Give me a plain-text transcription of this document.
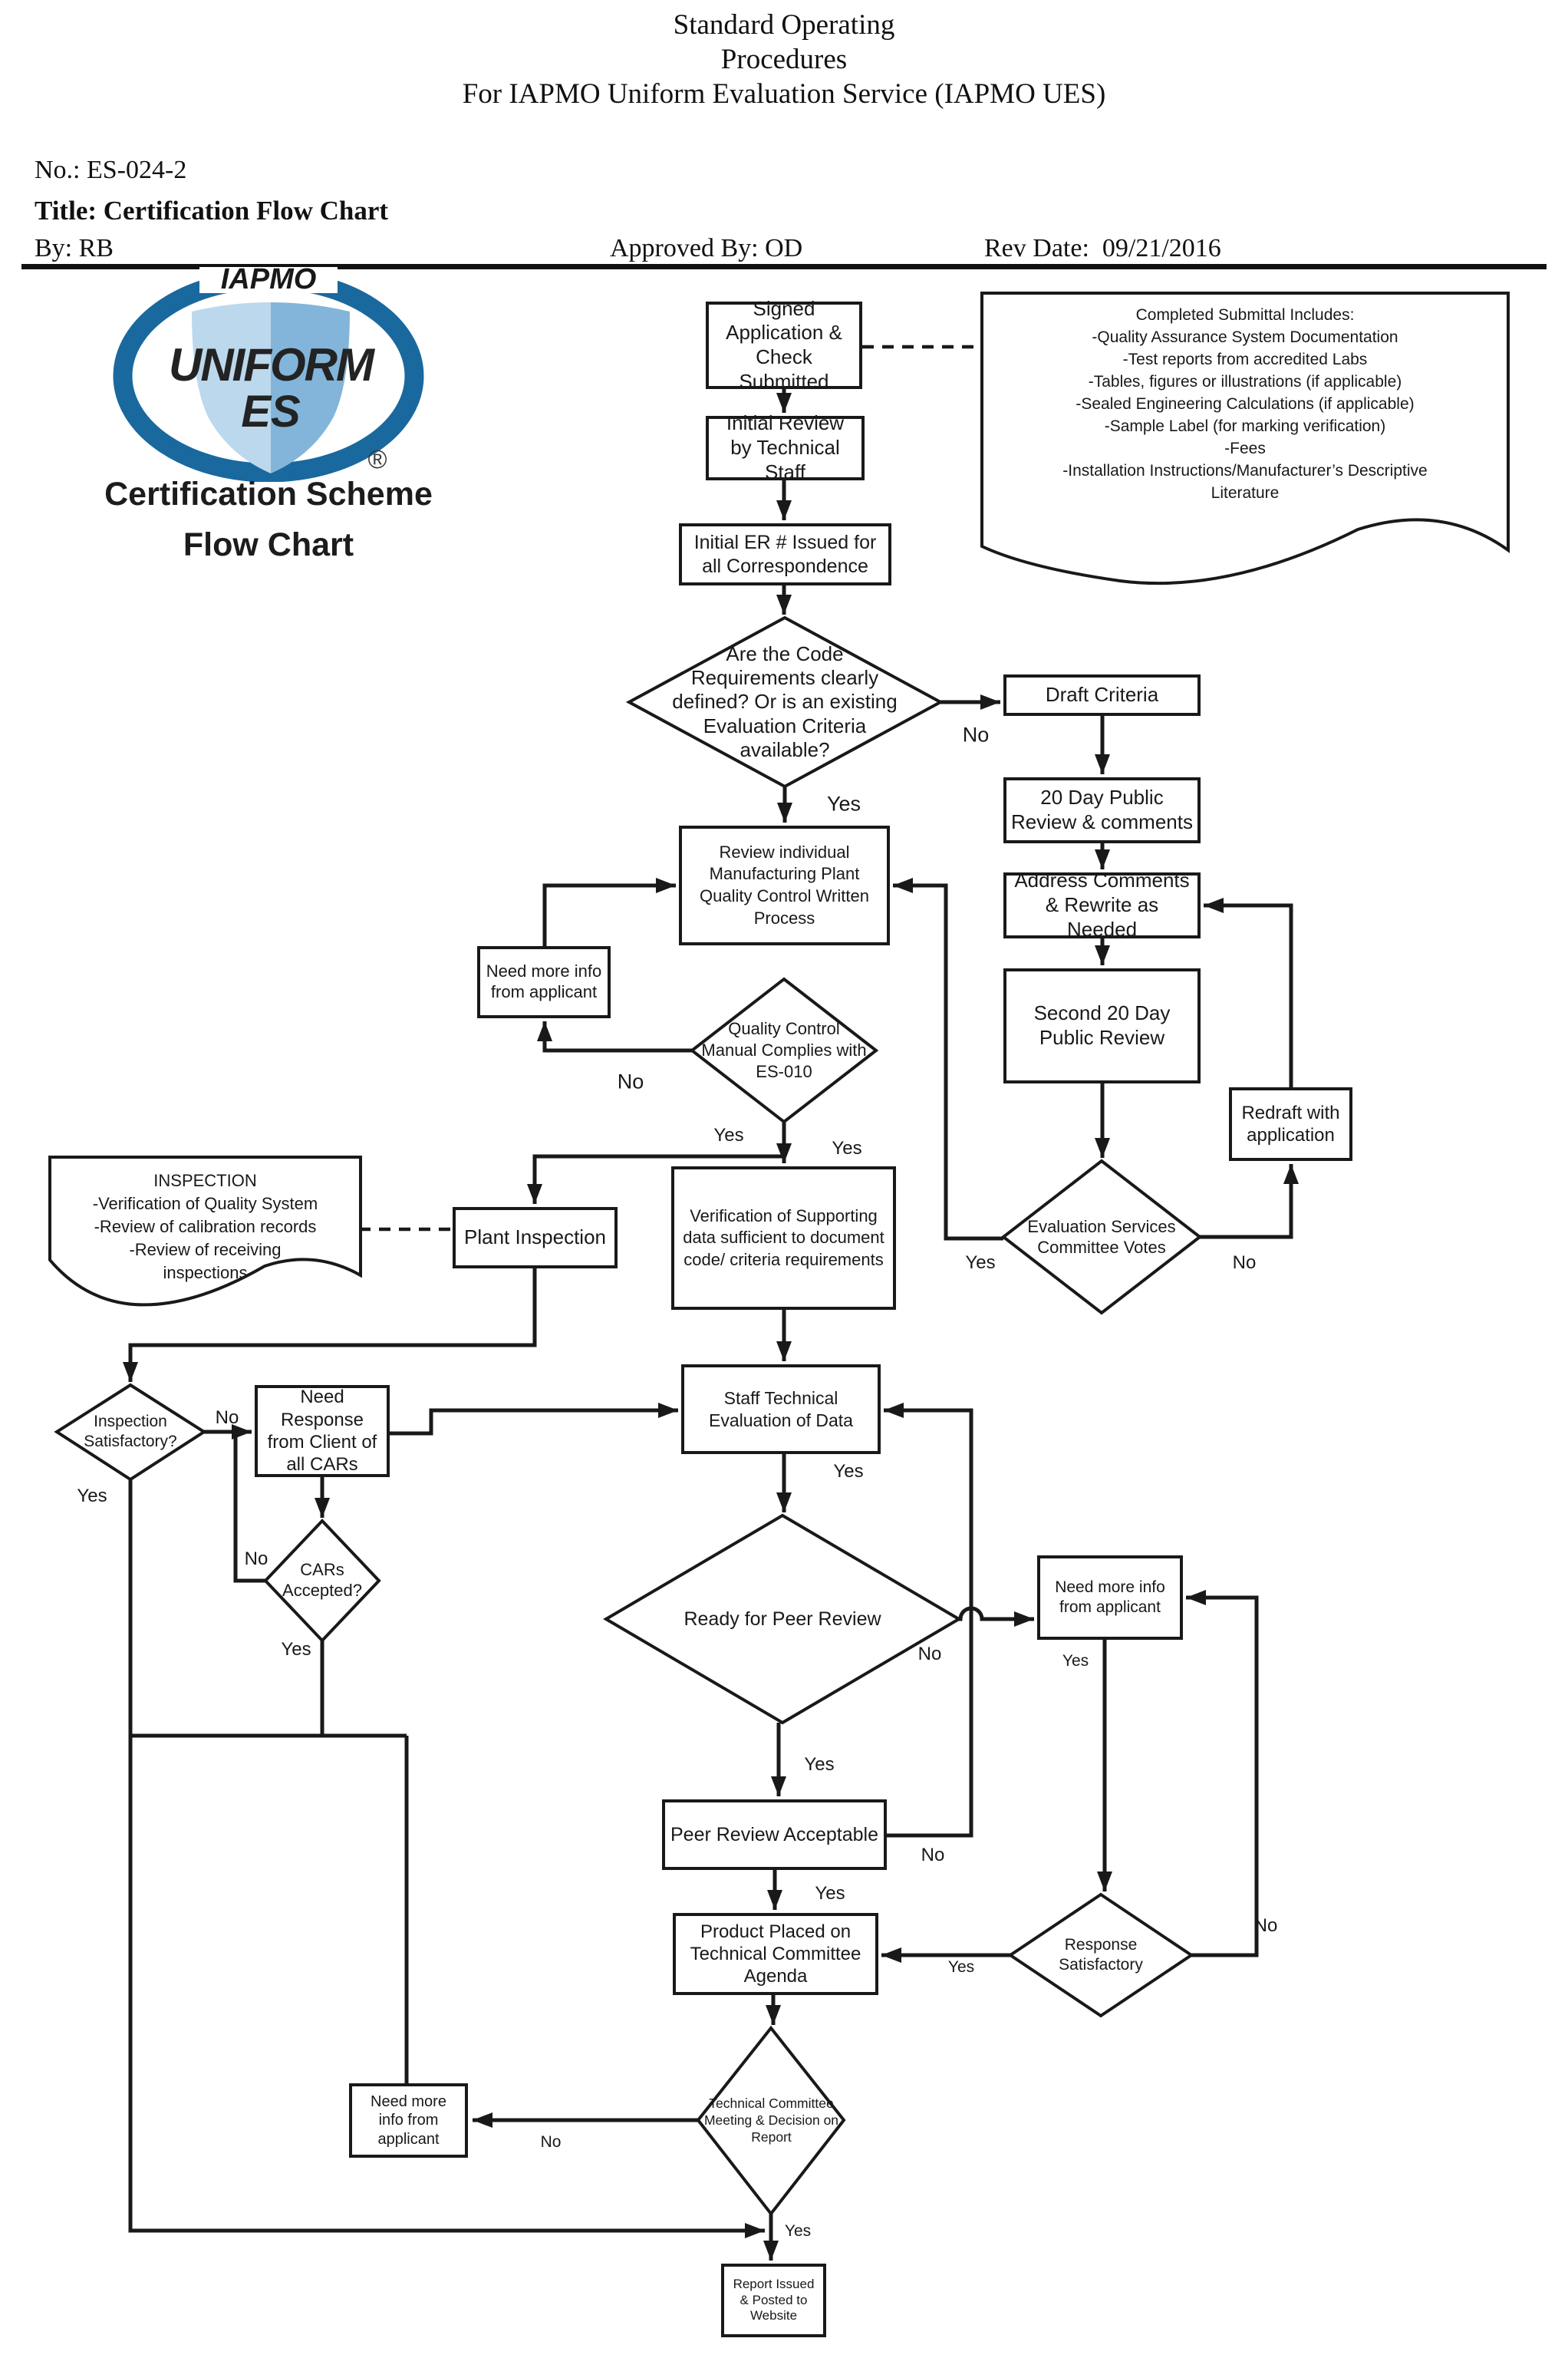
Standard Operating
Procedures
For IAPMO Uniform Evaluation Service (IAPMO UES)
No.: ES-024-2
Title: Certification Flow Chart
By: RB	Approved By: OD	Rev Date:  09/21/2016
IAPMO
UNIFORM
ES
®
Certification Scheme
Flow Chart
Signed Application & Check Submitted
Initial Review by Technical Staff
Initial ER # Issued for all Correspondence
Draft Criteria
20 Day Public Review & comments
Address Comments & Rewrite as Needed
Second 20 Day Public Review
Redraft with application
Review individual Manufacturing Plant Quality Control Written Process
Need more info from applicant
Plant Inspection
Verification of Supporting data sufficient to document code/ criteria requirements
Need Response from Client of all CARs
Staff Technical Evaluation of Data
Peer Review Acceptable
Need more info from applicant
Product Placed on Technical Committee Agenda
Need more info from applicant
Report Issued & Posted to Website
Are the Code Requirements clearly defined? Or is an existing Evaluation Criteria available?
Quality Control Manual Complies with ES-010
Evaluation Services Committee Votes
Inspection Satisfactory?
CARs Accepted?
Ready for Peer Review
Response Satisfactory
Technical Committee Meeting & Decision on Report
Completed Submittal Includes:
-Quality Assurance System Documentation
-Test reports from accredited Labs
-Tables, figures or illustrations (if applicable)
-Sealed Engineering Calculations (if applicable)
-Sample Label (for marking verification)
-Fees
-Installation Instructions/Manufacturer’s Descriptive
Literature
INSPECTION
-Verification of Quality System
-Review of calibration records
-Review of receiving
inspections
No
Yes
No
Yes
Yes
Yes	No
Yes
No
No
Yes
Yes
No
Yes
No
Yes
Yes
Yes
No
No
Yes
